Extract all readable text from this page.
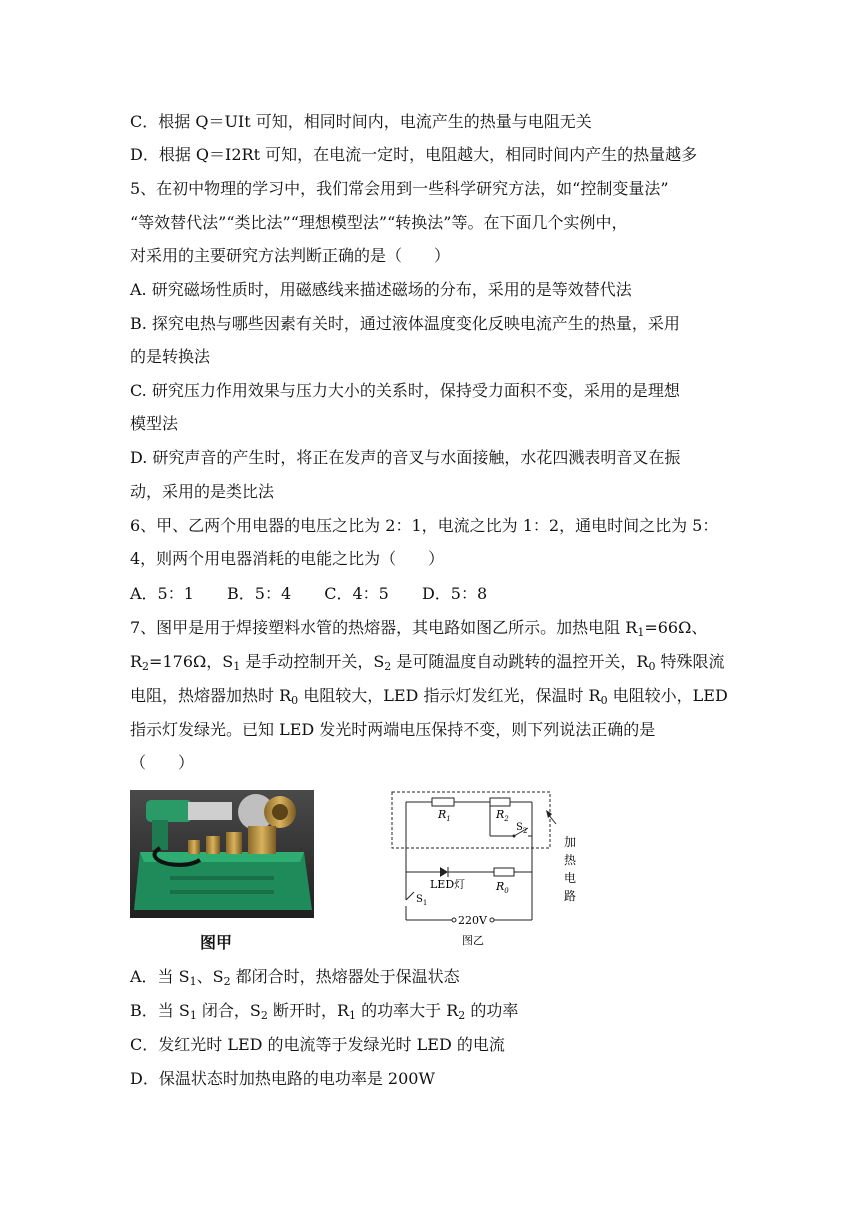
C．根据 Q＝UIt 可知，相同时间内，电流产生的热量与电阻无关
D．根据 Q＝I2Rt 可知，在电流一定时，电阻越大，相同时间内产生的热量越多
5、在初中物理的学习中，我们常会用到一些科学研究方法，如“控制变量法”
“等效替代法”“类比法”“理想模型法”“转换法”等。在下面几个实例中，
对采用的主要研究方法判断正确的是（　　）
A. 研究磁场性质时，用磁感线来描述磁场的分布，采用的是等效替代法
B. 探究电热与哪些因素有关时，通过液体温度变化反映电流产生的热量，采用
的是转换法
C. 研究压力作用效果与压力大小的关系时，保持受力面积不变，采用的是理想
模型法
D. 研究声音的产生时，将正在发声的音叉与水面接触，水花四溅表明音叉在振
动，采用的是类比法
6、甲、乙两个用电器的电压之比为 2：1，电流之比为 1：2，通电时间之比为 5：
4，则两个用电器消耗的电能之比为（　　）
A．5：1 B．5：4 C．4：5 D．5：8
7、图甲是用于焊接塑料水管的热熔器，其电路如图乙所示。加热电阻 $R_1=66\Omega$、
$R_2=176\Omega$，$S_1$ 是手动控制开关，$S_2$ 是可随温度自动跳转的温控开关，$R_0$ 特殊限流
电阻，热熔器加热时 $R_0$ 电阻较大，LED 指示灯发红光，保温时 $R_0$ 电阻较小，LED
指示灯发绿光。已知 LED 发光时两端电压保持不变，则下列说法正确的是
（　　）
图甲
$R_1$	$R_2$
$S_2$
LED灯	$R_0$
$S_1$
220V
图乙
加
热
电
路
A．当 $S_1$、$S_2$ 都闭合时，热熔器处于保温状态
B．当 $S_1$ 闭合，$S_2$ 断开时，$R_1$ 的功率大于 $R_2$ 的功率
C．发红光时 LED 的电流等于发绿光时 LED 的电流
D．保温状态时加热电路的电功率是 200W
